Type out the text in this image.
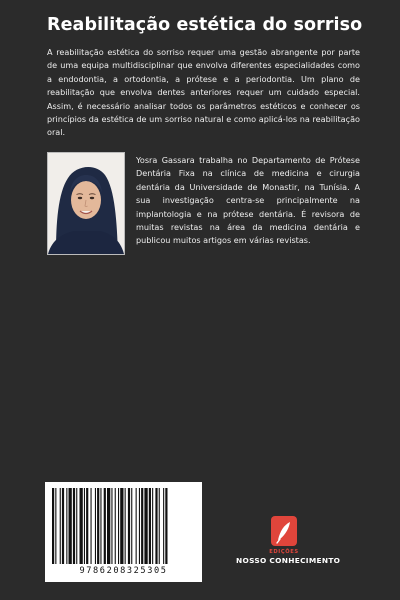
Reabilitação estética do sorriso

A reabilitação estética do sorriso requer uma gestão abrangente por parte de uma equipa multidisciplinar que envolva diferentes especialidades como a endodontia, a ortodontia, a prótese e a periodontia. Um plano de reabilitação que envolva dentes anteriores requer um cuidado especial. Assim, é necessário analisar todos os parâmetros estéticos e conhecer os princípios da estética de um sorriso natural e como aplicá-los na reabilitação oral.

Yosra Gassara trabalha no Departamento de Prótese Dentária Fixa na clínica de medicina e cirurgia dentária da Universidade de Monastir, na Tunísia. A sua investigação centra-se principalmente na implantologia e na prótese dentária. É revisora de muitas revistas na área da medicina dentária e publicou muitos artigos em várias revistas.

9786208325305
EDIÇÕES
NOSSO CONHECIMENTO
